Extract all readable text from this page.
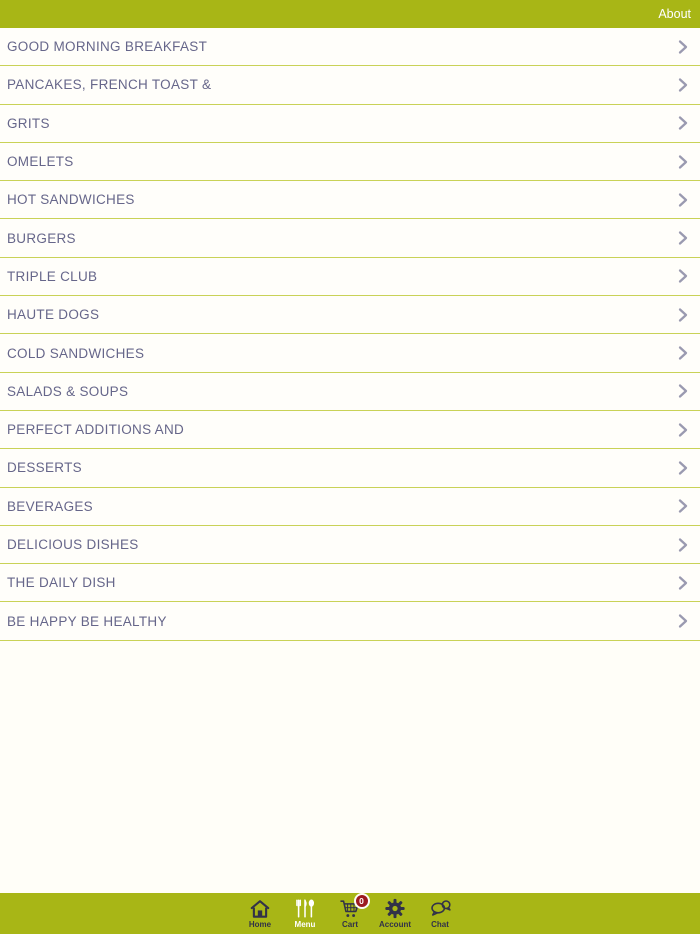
About
GOOD MORNING BREAKFAST
PANCAKES, FRENCH TOAST &
GRITS
OMELETS
HOT SANDWICHES
BURGERS
TRIPLE CLUB
HAUTE DOGS
COLD SANDWICHES
SALADS & SOUPS
PERFECT ADDITIONS AND
DESSERTS
BEVERAGES
DELICIOUS DISHES
THE DAILY DISH
BE HAPPY BE HEALTHY
Home	Menu	Cart
0
Account	Chat
